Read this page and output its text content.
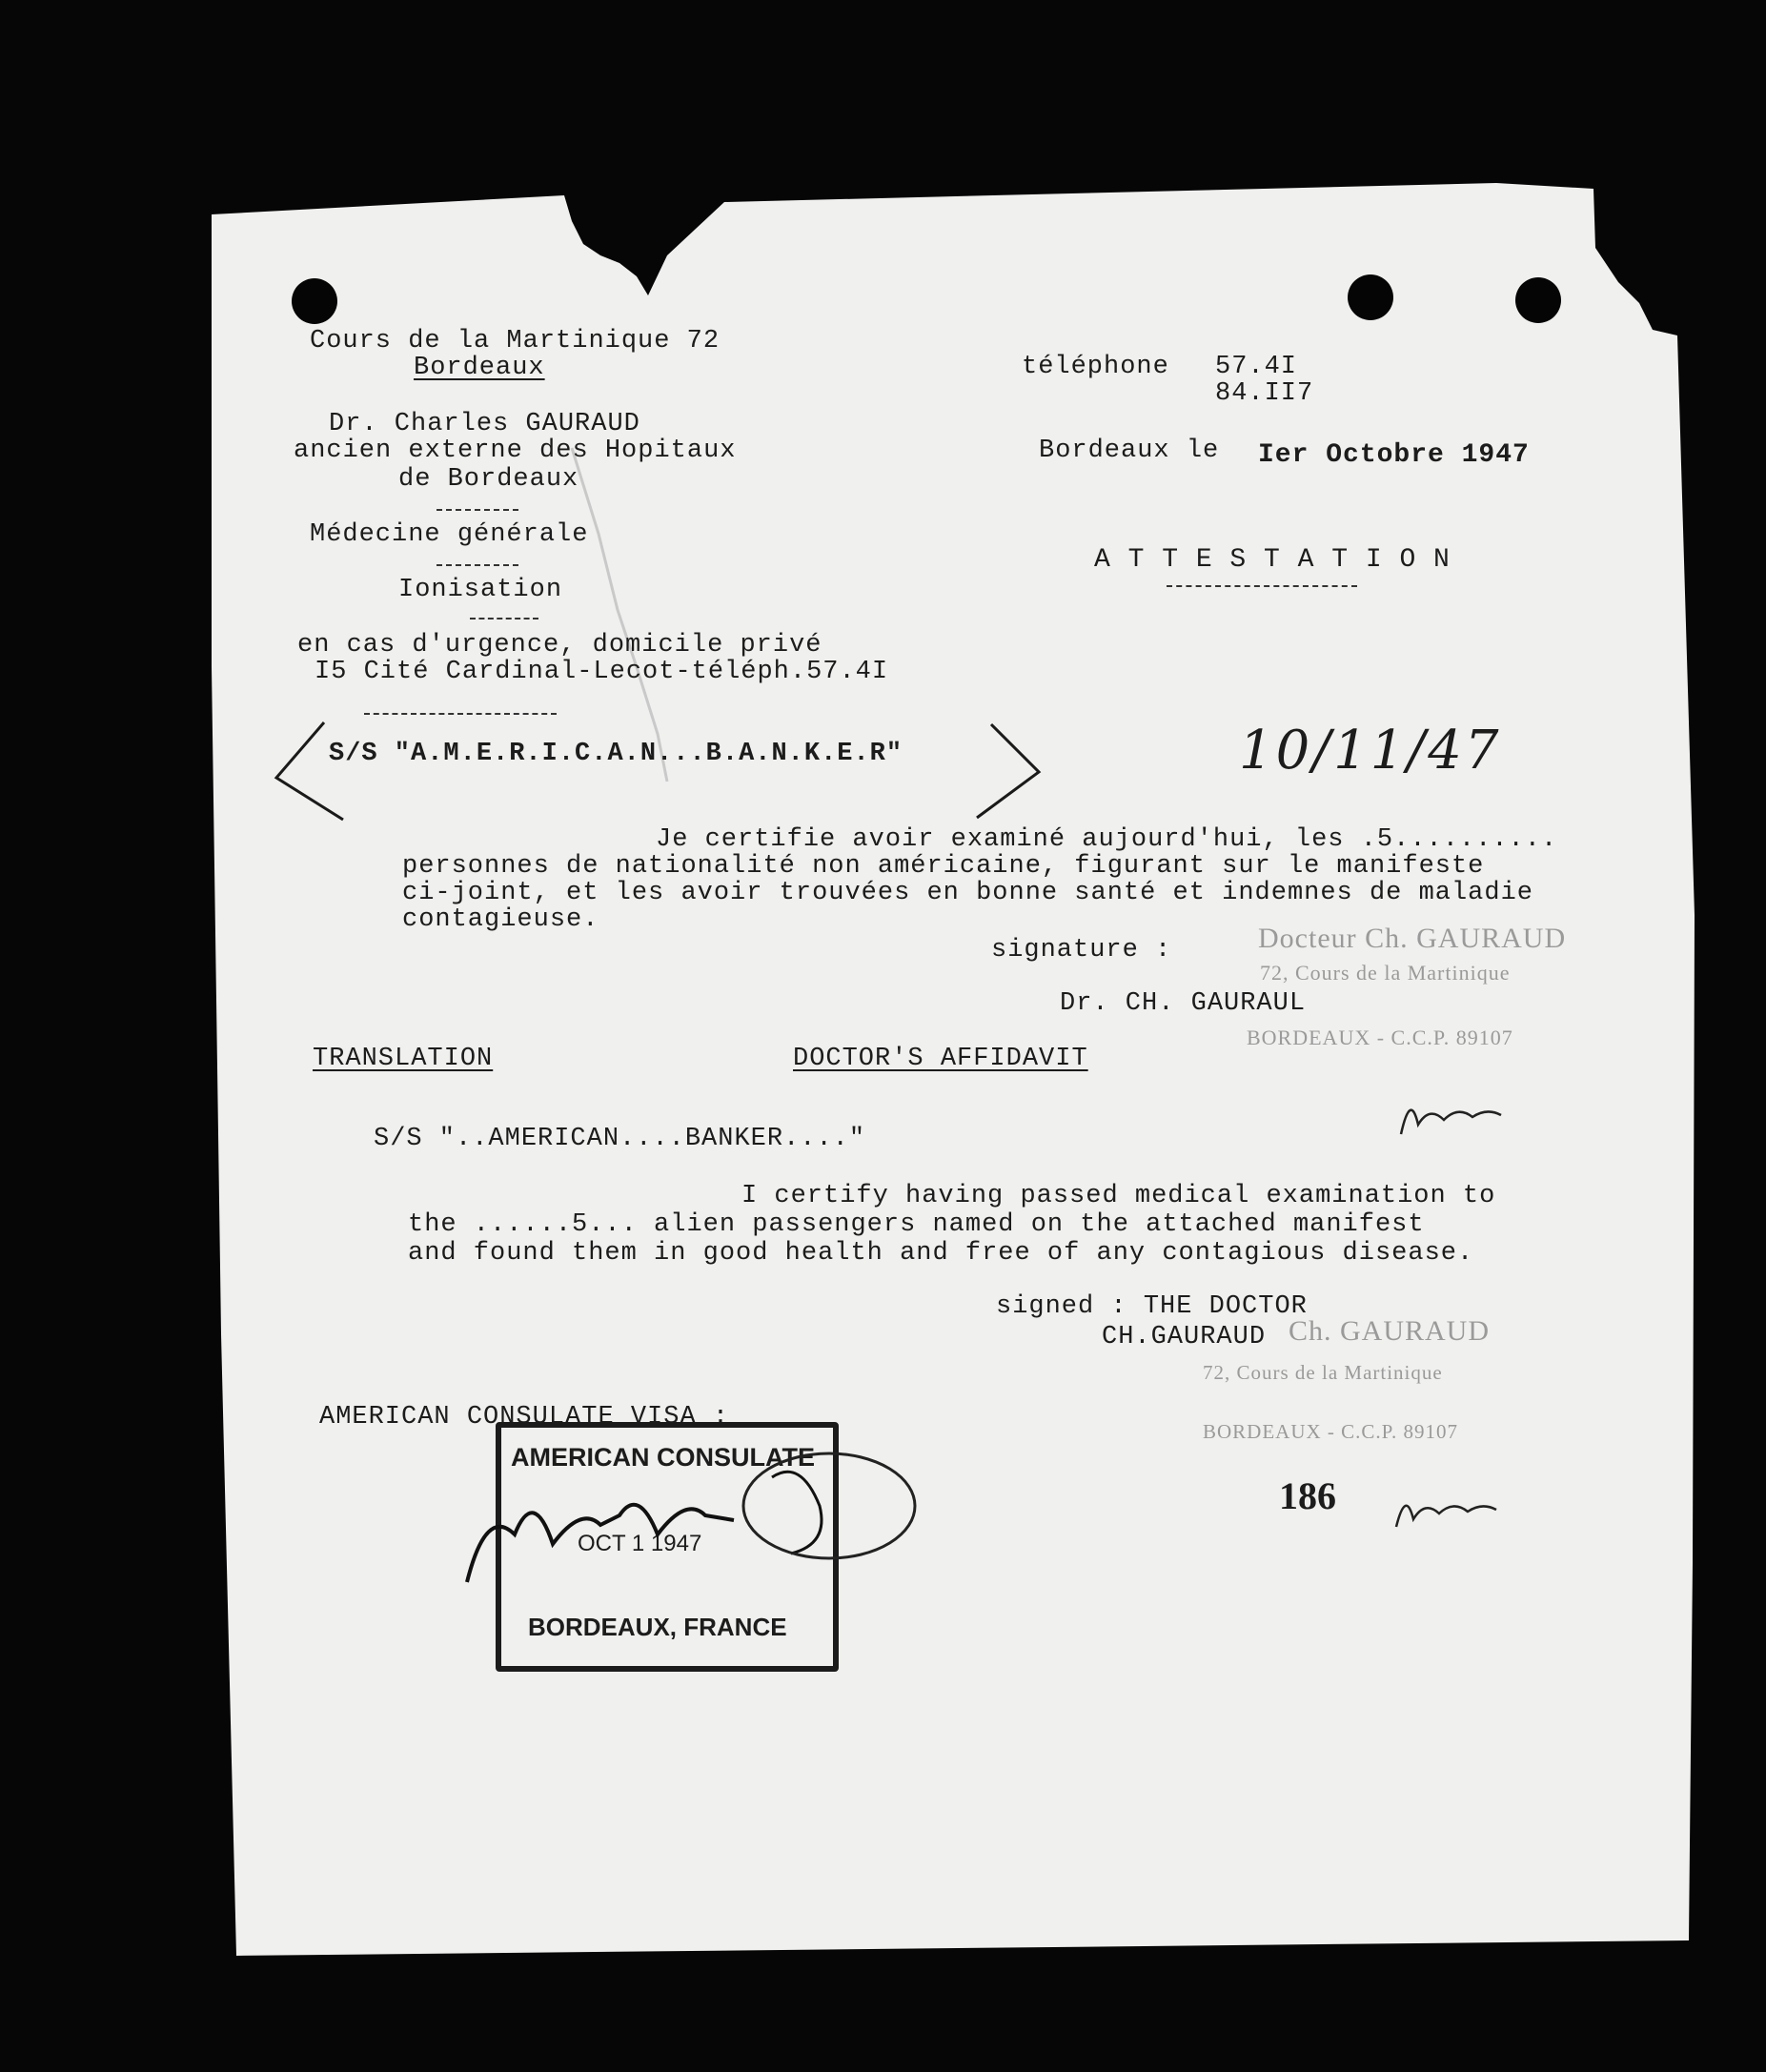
Cours de la Martinique 72
Bordeaux
Dr. Charles GAURAUD
ancien externe des Hopitaux
de Bordeaux
Médecine générale
Ionisation
en cas d'urgence, domicile privé
I5 Cité Cardinal-Lecot-téléph.57.4I
téléphone 57.4I
84.II7
Bordeaux le Ier Octobre 1947
A T T E S T A T I O N
S/S "A.M.E.R.I.C.A.N...B.A.N.K.E.R"	10/11/47
Je certifie avoir examiné aujourd'hui, les .5..........
personnes de nationalité non américaine, figurant sur le manifeste
ci-joint, et les avoir trouvées en bonne santé et indemnes de maladie
contagieuse.
signature :
Dr. CH. GAURAUL
Docteur Ch. GAURAUD
72, Cours de la Martinique
BORDEAUX - C.C.P. 89107
TRANSLATION	DOCTOR'S AFFIDAVIT
S/S "..AMERICAN....BANKER...."
I certify having passed medical examination to
the ......5... alien passengers named on the attached manifest
and found them in good health and free of any contagious disease.
signed : THE DOCTOR
CH.GAURAUD Ch. GAURAUD
72, Cours de la Martinique
BORDEAUX - C.C.P. 89107
AMERICAN CONSULATE VISA :
AMERICAN CONSULATE
OCT 1 1947
BORDEAUX, FRANCE
186
